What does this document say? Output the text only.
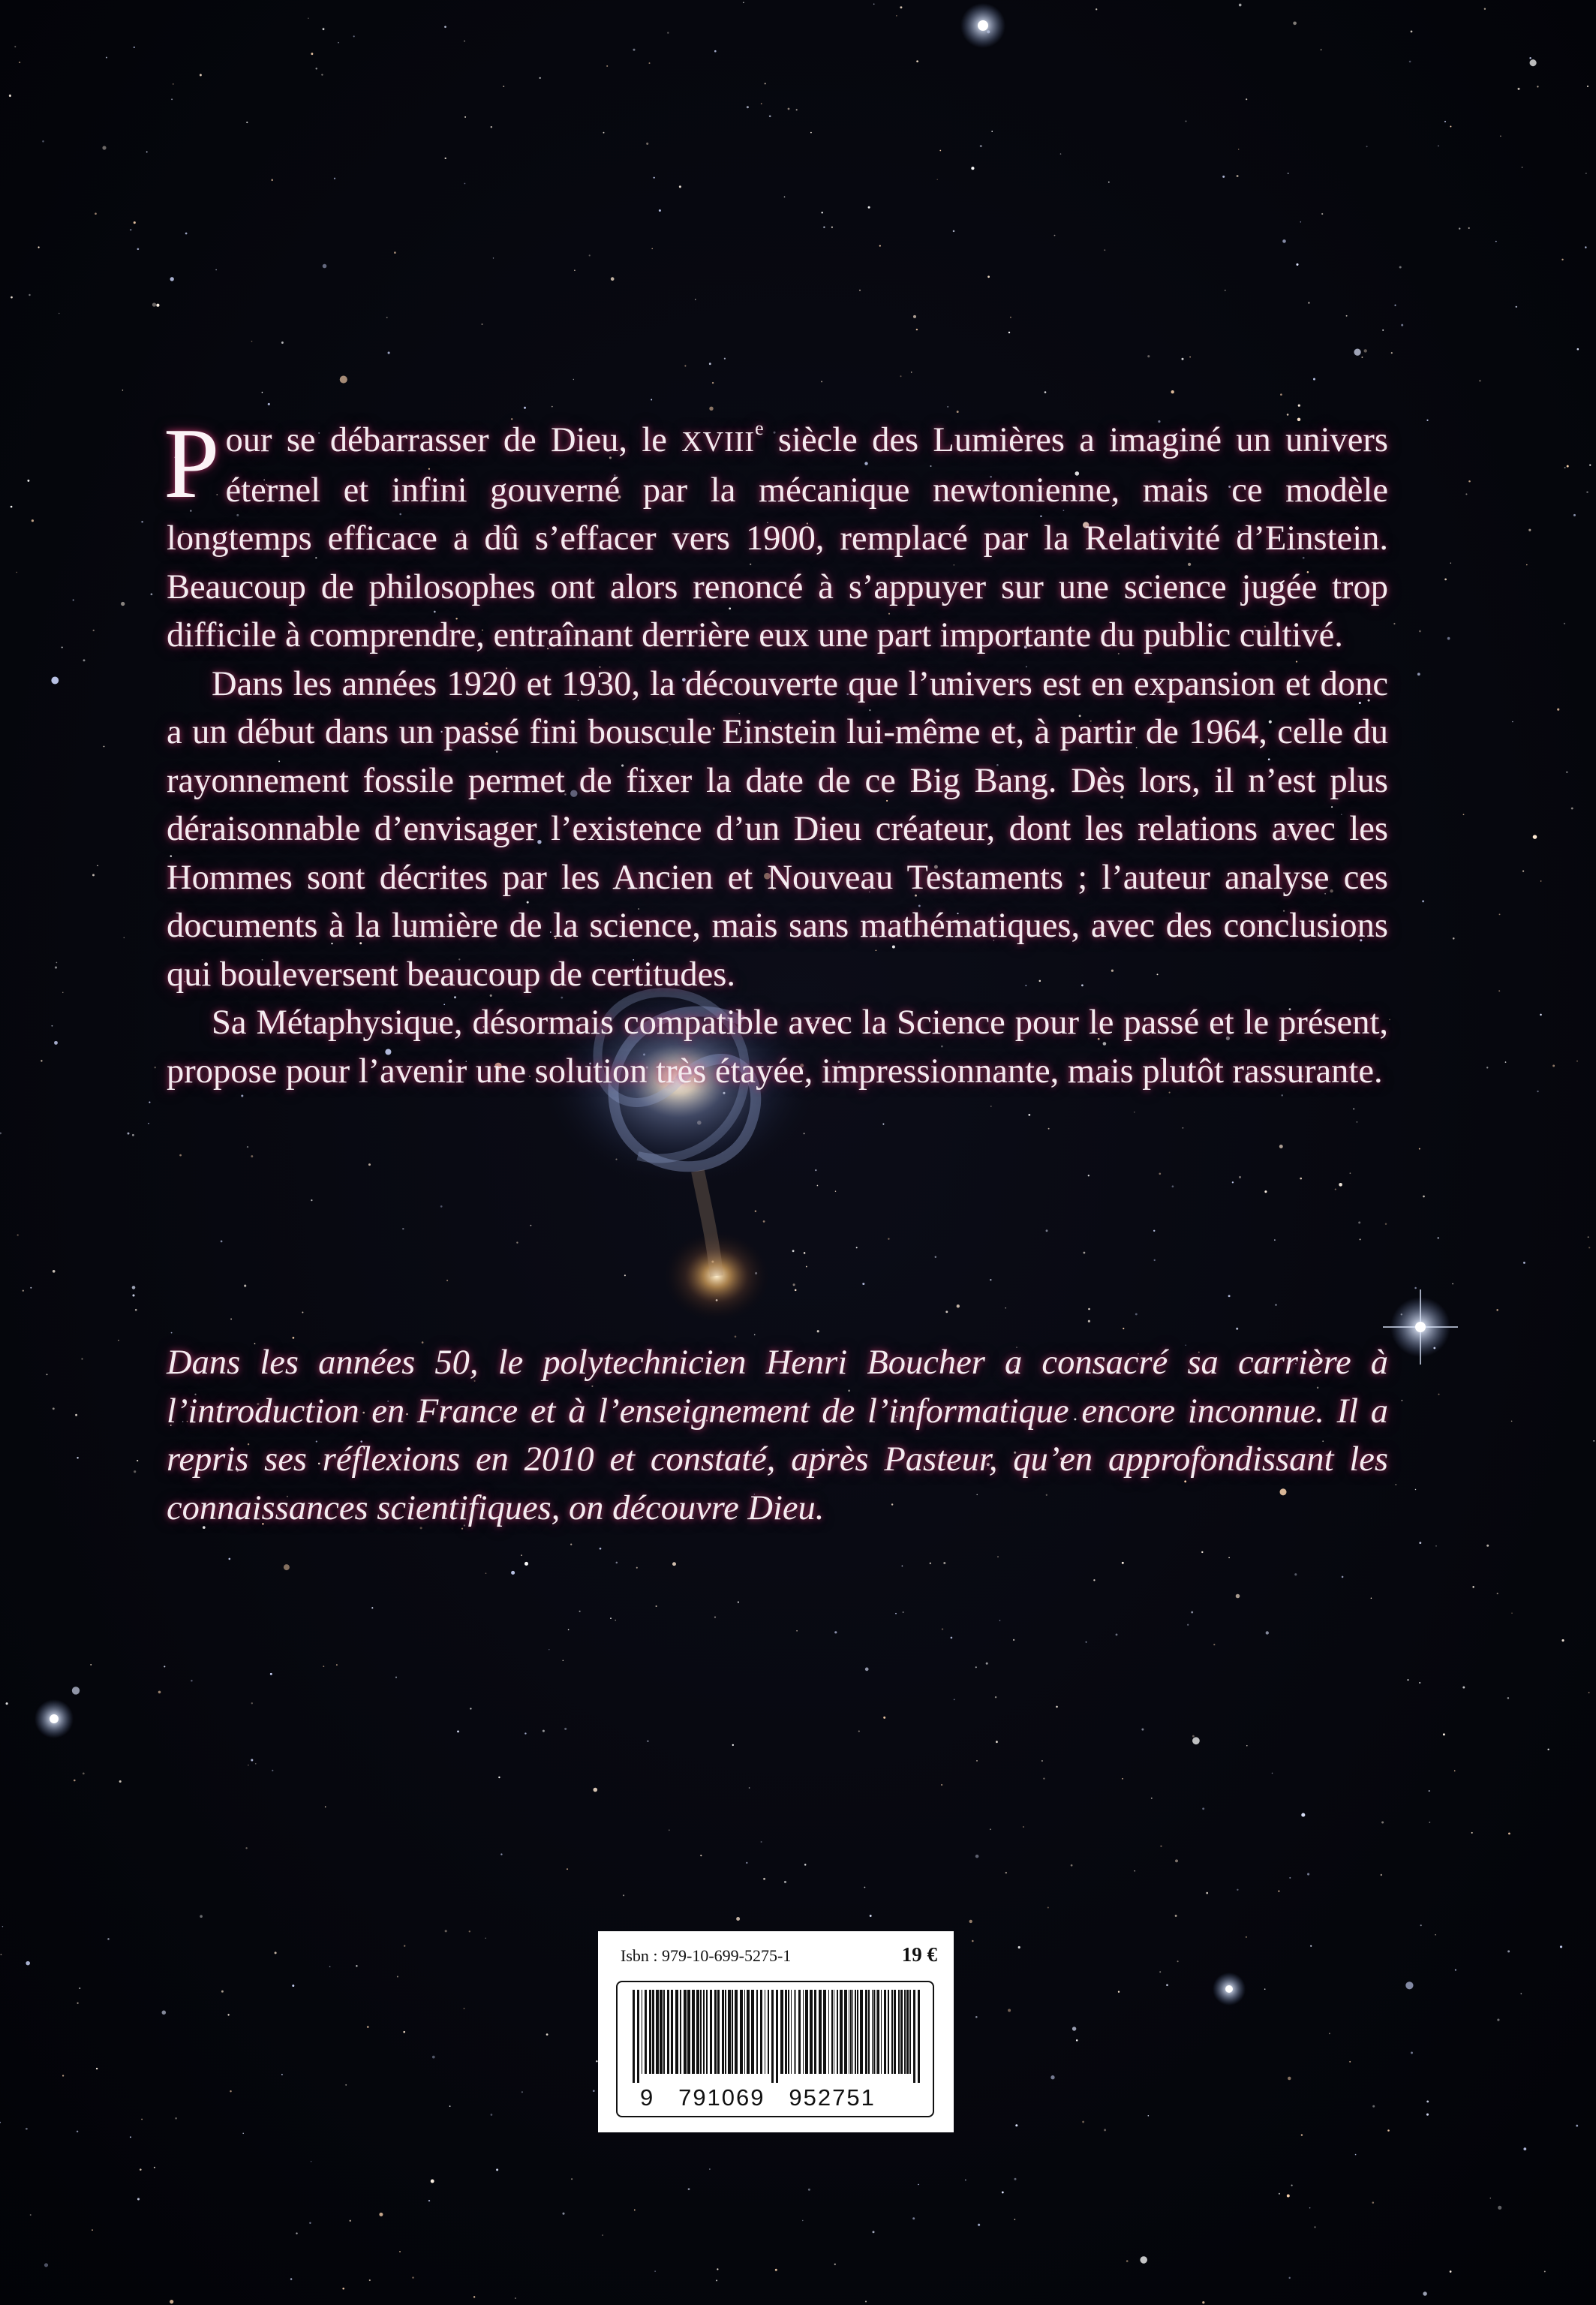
Pour se débarrasser de Dieu, le XVIIIe siècle des Lumières a imaginé un univers éternel et infini gouverné par la mécanique newtonienne, mais ce modèle longtemps efficace a dû s’effacer vers 1900, remplacé par la Relativité d’Einstein. Beaucoup de philosophes ont alors renoncé à s’appuyer sur une science jugée trop difficile à comprendre, entraînant derrière eux une part importante du public cultivé.

Dans les années 1920 et 1930, la découverte que l’univers est en expansion et donc a un début dans un passé fini bouscule Einstein lui-même et, à partir de 1964, celle du rayonnement fossile permet de fixer la date de ce Big Bang. Dès lors, il n’est plus déraisonnable d’envisager l’existence d’un Dieu créateur, dont les relations avec les Hommes sont décrites par les Ancien et Nouveau Testaments ; l’auteur analyse ces documents à la lumière de la science, mais sans mathématiques, avec des conclusions qui bouleversent beaucoup de certitudes.

Sa Métaphysique, désormais compatible avec la Science pour le passé et le présent, propose pour l’avenir une solution très étayée, impressionnante, mais plutôt rassurante.

Dans les années 50, le polytechnicien Henri Boucher a consacré sa carrière à l’introduction en France et à l’enseignement de l’informatique encore inconnue. Il a repris ses réflexions en 2010 et constaté, après Pasteur, qu’en approfondissant les connaissances scientifiques, on découvre Dieu.

Isbn : 979-10-699-5275-1	19 €
9   791069   952751
